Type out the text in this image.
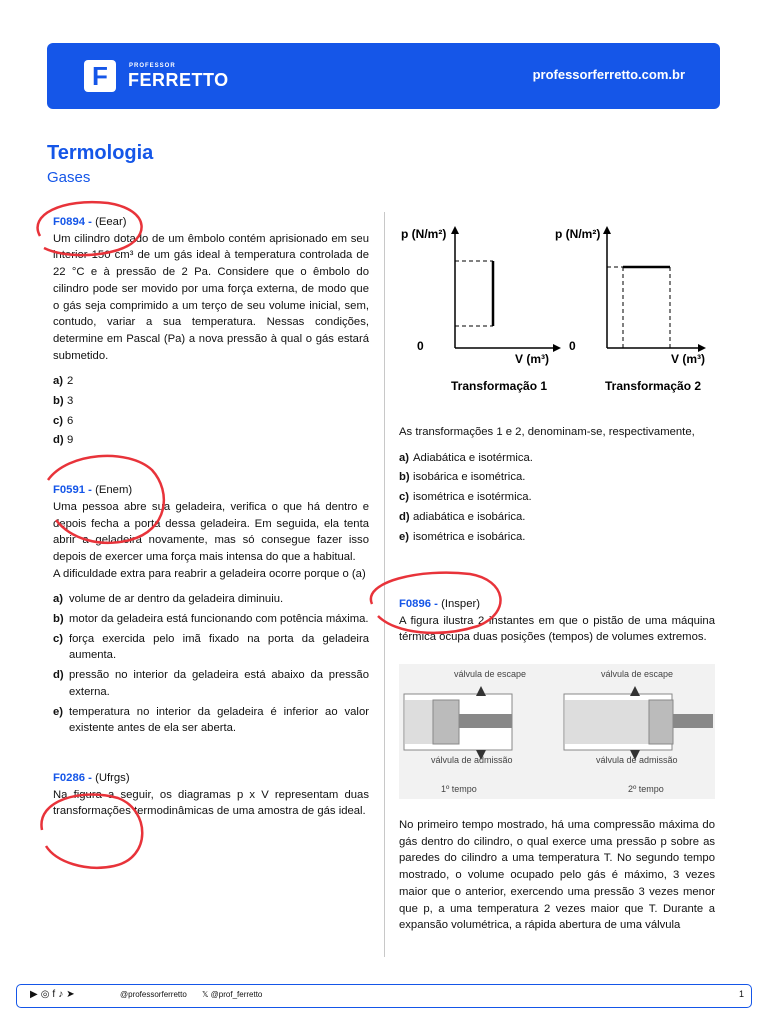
F	PROFESSOR
FERRETTO	professorferretto.com.br
Termologia
Gases
F0894 - (Eear)

Um cilindro dotado de um êmbolo contém aprisionado em seu interior 150 cm³ de um gás ideal à temperatura controlada de 22 °C e à pressão de 2 Pa. Considere que o êmbolo do cilindro pode ser movido por uma força externa, de modo que o gás seja comprimido a um terço de seu volume inicial, sem, contudo, variar a sua temperatura. Nessas condições, determine em Pascal (Pa) a nova pressão à qual o gás estará submetido.

a) 2
b) 3
c) 6
d) 9
F0591 - (Enem)

Uma pessoa abre sua geladeira, verifica o que há dentro e depois fecha a porta dessa geladeira. Em seguida, ela tenta abrir a geladeira novamente, mas só consegue fazer isso depois de exercer uma força mais intensa do que a habitual.

A dificuldade extra para reabrir a geladeira ocorre porque o (a)

a) volume de ar dentro da geladeira diminuiu.
b) motor da geladeira está funcionando com potência máxima.
c) força exercida pelo imã fixado na porta da geladeira aumenta.
d) pressão no interior da geladeira está abaixo da pressão externa.
e) temperatura no interior da geladeira é inferior ao valor existente antes de ela ser aberta.
F0286 - (Ufrgs)

Na figura a seguir, os diagramas p x V representam duas transformações termodinâmicas de uma amostra de gás ideal.

p (N/m²)
V (m³)
0
Transformação 1
p (N/m²)
V (m³)
0
Transformação 2

As transformações 1 e 2, denominam-se, respectivamente,

a) Adiabática e isotérmica.
b) isobárica e isométrica.
c) isométrica e isotérmica.
d) adiabática e isobárica.
e) isométrica e isobárica.
F0896 - (Insper)

A figura ilustra 2 instantes em que o pistão de uma máquina térmica ocupa duas posições (tempos) de volumes extremos.

válvula de escape
válvula de admissão
1º tempo
válvula de escape
válvula de admissão
2º tempo

No primeiro tempo mostrado, há uma compressão máxima do gás dentro do cilindro, o qual exerce uma pressão p sobre as paredes do cilindro a uma temperatura T. No segundo tempo mostrado, o volume ocupado pelo gás é máximo, 3 vezes maior que o anterior, exercendo uma pressão 3 vezes menor que p, a uma temperatura 2 vezes maior que T. Durante a expansão volumétrica, a rápida abertura de uma válvula

▶◎f♪➤	@professorferretto 𝕏 @prof_ferretto	1
